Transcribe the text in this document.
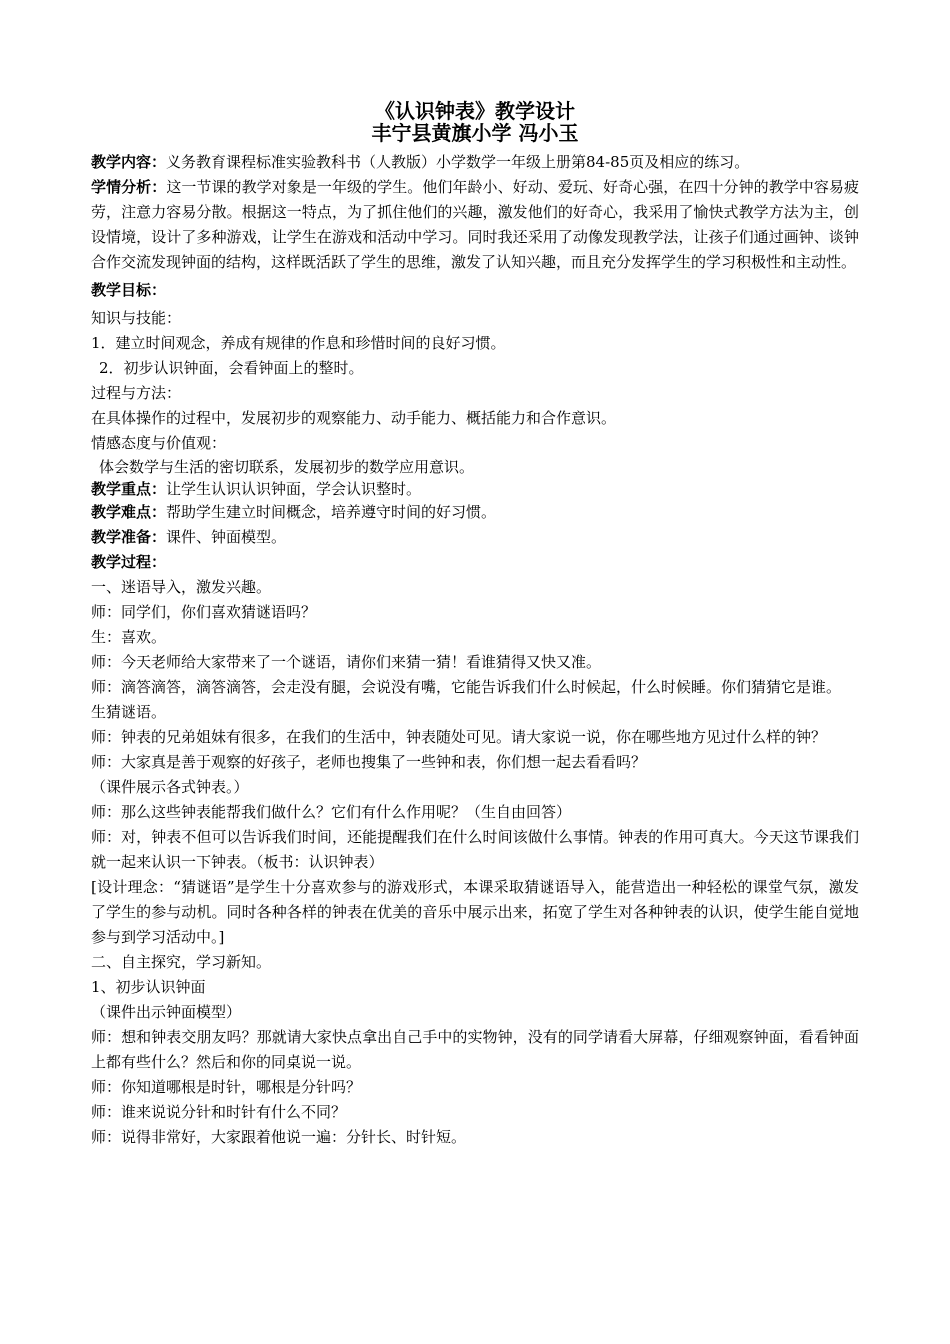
《认识钟表》教学设计

丰宁县黄旗小学 冯小玉

教学内容：义务教育课程标准实验教科书（人教版）小学数学一年级上册第84-85页及相应的练习。

学情分析：这一节课的教学对象是一年级的学生。他们年龄小、好动、爱玩、好奇心强，在四十分钟的教学中容易疲劳，注意力容易分散。根据这一特点，为了抓住他们的兴趣，激发他们的好奇心，我采用了愉快式教学方法为主，创设情境，设计了多种游戏，让学生在游戏和活动中学习。同时我还采用了动像发现教学法，让孩子们通过画钟、谈钟合作交流发现钟面的结构，这样既活跃了学生的思维，激发了认知兴趣，而且充分发挥学生的学习积极性和主动性。

教学目标：

知识与技能：

1．建立时间观念，养成有规律的作息和珍惜时间的良好习惯。

2．初步认识钟面，会看钟面上的整时。

过程与方法：

在具体操作的过程中，发展初步的观察能力、动手能力、概括能力和合作意识。

情感态度与价值观：

体会数学与生活的密切联系，发展初步的数学应用意识。

教学重点：让学生认识认识钟面，学会认识整时。

教学难点：帮助学生建立时间概念，培养遵守时间的好习惯。

教学准备：课件、钟面模型。

教学过程：

一、迷语导入，激发兴趣。

师：同学们，你们喜欢猜谜语吗？

生：喜欢。

师：今天老师给大家带来了一个谜语，请你们来猜一猜！看谁猜得又快又准。

师：滴答滴答，滴答滴答，会走没有腿，会说没有嘴，它能告诉我们什么时候起，什么时候睡。你们猜猜它是谁。

生猜谜语。

师：钟表的兄弟姐妹有很多，在我们的生活中，钟表随处可见。请大家说一说，你在哪些地方见过什么样的钟？

师：大家真是善于观察的好孩子，老师也搜集了一些钟和表，你们想一起去看看吗？

（课件展示各式钟表。）

师：那么这些钟表能帮我们做什么？它们有什么作用呢？（生自由回答）

师：对，钟表不但可以告诉我们时间，还能提醒我们在什么时间该做什么事情。钟表的作用可真大。今天这节课我们就一起来认识一下钟表。（板书：认识钟表）

[设计理念：“猜谜语”是学生十分喜欢参与的游戏形式，本课采取猜谜语导入，能营造出一种轻松的课堂气氛，激发了学生的参与动机。同时各种各样的钟表在优美的音乐中展示出来，拓宽了学生对各种钟表的认识，使学生能自觉地参与到学习活动中。]

二、自主探究，学习新知。

1、初步认识钟面

（课件出示钟面模型）

师：想和钟表交朋友吗？那就请大家快点拿出自己手中的实物钟，没有的同学请看大屏幕，仔细观察钟面，看看钟面上都有些什么？然后和你的同桌说一说。

师：你知道哪根是时针，哪根是分针吗？

师：谁来说说分针和时针有什么不同？

师：说得非常好，大家跟着他说一遍：分针长、时针短。
